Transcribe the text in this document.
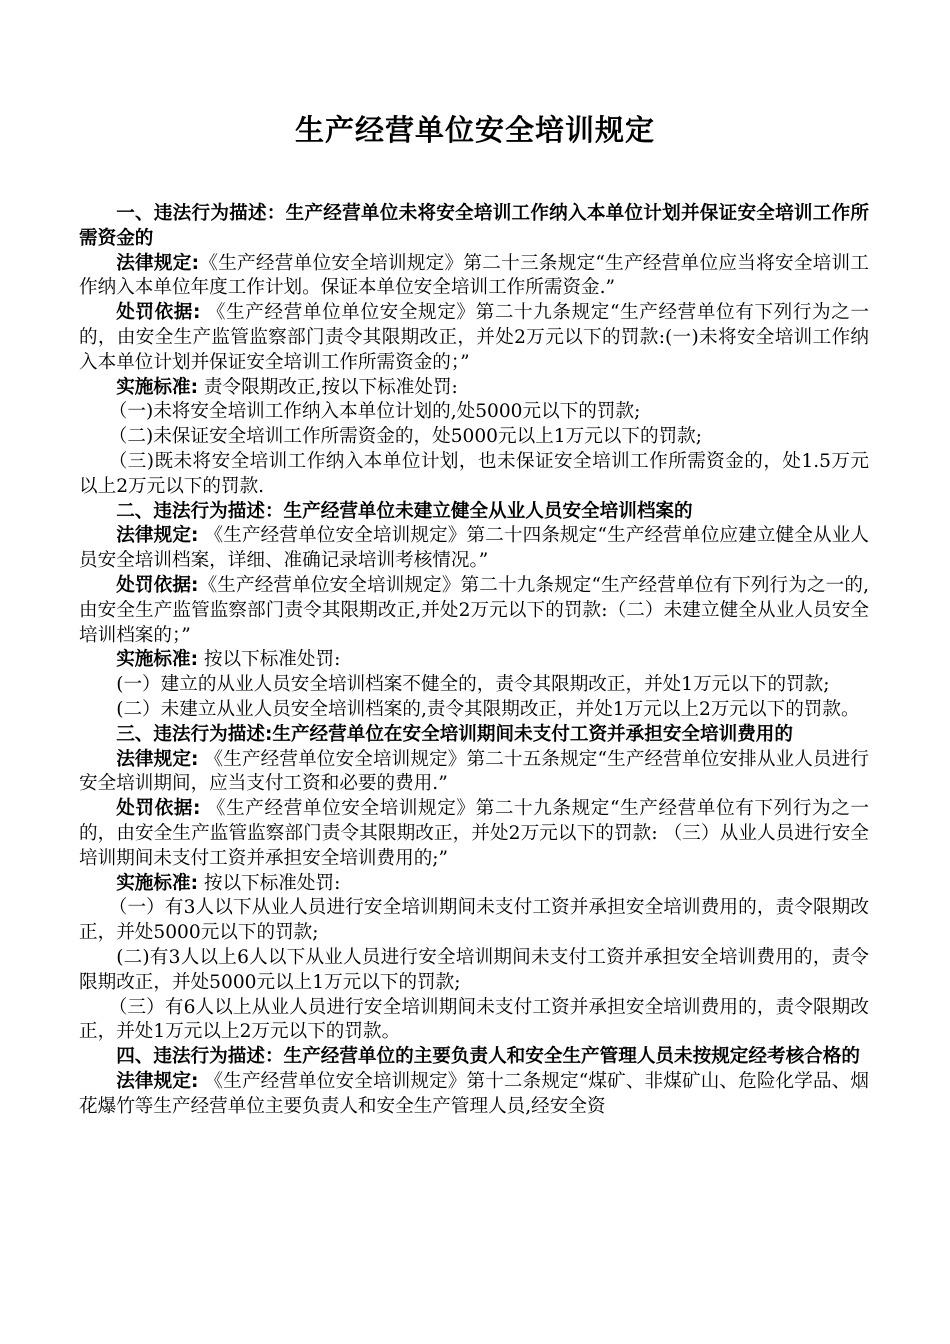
生产经营单位安全培训规定

一、违法行为描述：生产经营单位未将安全培训工作纳入本单位计划并保证安全培训工作所需资金的

法律规定:《生产经营单位安全培训规定》第二十三条规定“生产经营单位应当将安全培训工作纳入本单位年度工作计划。保证本单位安全培训工作所需资金.”

处罚依据: 《生产经营单位单位安全规定》第二十九条规定“生产经营单位有下列行为之一的，由安全生产监管监察部门责令其限期改正，并处2万元以下的罚款:(一)未将安全培训工作纳入本单位计划并保证安全培训工作所需资金的；”

实施标准: 责令限期改正,按以下标准处罚:

（一)未将安全培训工作纳入本单位计划的,处5000元以下的罚款;

（二)未保证安全培训工作所需资金的，处5000元以上1万元以下的罚款;

（三)既未将安全培训工作纳入本单位计划，也未保证安全培训工作所需资金的，处1.5万元以上2万元以下的罚款.

二、违法行为描述：生产经营单位未建立健全从业人员安全培训档案的

法律规定: 《生产经营单位安全培训规定》第二十四条规定“生产经营单位应建立健全从业人员安全培训档案，详细、准确记录培训考核情况。”

处罚依据:《生产经营单位安全培训规定》第二十九条规定“生产经营单位有下列行为之一的,由安全生产监管监察部门责令其限期改正,并处2万元以下的罚款:（二）未建立健全从业人员安全培训档案的；”

实施标准: 按以下标准处罚:

(一）建立的从业人员安全培训档案不健全的，责令其限期改正，并处1万元以下的罚款;

(二）未建立从业人员安全培训档案的,责令其限期改正，并处1万元以上2万元以下的罚款。

三、违法行为描述:生产经营单位在安全培训期间未支付工资并承担安全培训费用的

法律规定: 《生产经营单位安全培训规定》第二十五条规定“生产经营单位安排从业人员进行安全培训期间，应当支付工资和必要的费用.”

处罚依据: 《生产经营单位安全培训规定》第二十九条规定“生产经营单位有下列行为之一的，由安全生产监管监察部门责令其限期改正，并处2万元以下的罚款: （三）从业人员进行安全培训期间未支付工资并承担安全培训费用的;”

实施标准: 按以下标准处罚:

（一）有3人以下从业人员进行安全培训期间未支付工资并承担安全培训费用的，责令限期改正，并处5000元以下的罚款;

(二)有3人以上6人以下从业人员进行安全培训期间未支付工资并承担安全培训费用的，责令限期改正，并处5000元以上1万元以下的罚款;

（三）有6人以上从业人员进行安全培训期间未支付工资并承担安全培训费用的，责令限期改正，并处1万元以上2万元以下的罚款。

四、违法行为描述：生产经营单位的主要负责人和安全生产管理人员未按规定经考核合格的

法律规定: 《生产经营单位安全培训规定》第十二条规定“煤矿、非煤矿山、危险化学品、烟花爆竹等生产经营单位主要负责人和安全生产管理人员,经安全资
